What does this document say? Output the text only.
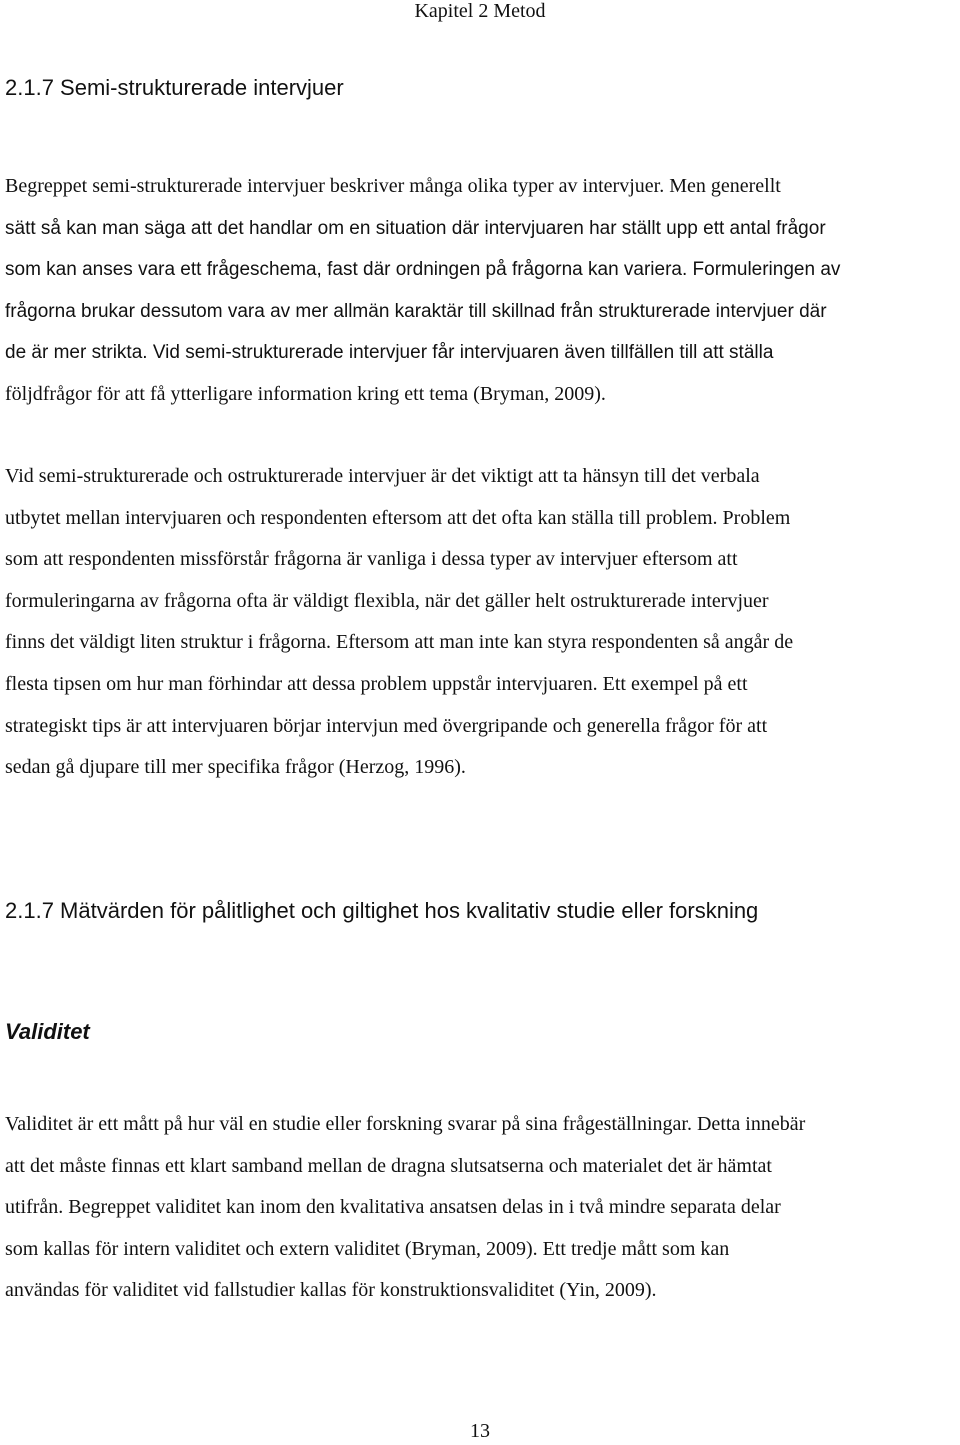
Kapitel 2 Metod
2.1.7 Semi-strukturerade intervjuer
Begreppet semi-strukturerade intervjuer beskriver många olika typer av intervjuer. Men generellt
sätt så kan man säga att det handlar om en situation där intervjuaren har ställt upp ett antal frågor
som kan anses vara ett frågeschema, fast där ordningen på frågorna kan variera. Formuleringen av
frågorna brukar dessutom vara av mer allmän karaktär till skillnad från strukturerade intervjuer där
de är mer strikta. Vid semi-strukturerade intervjuer får intervjuaren även tillfällen till att ställa
följdfrågor för att få ytterligare information kring ett tema (Bryman, 2009).
Vid semi-strukturerade och ostrukturerade intervjuer är det viktigt att ta hänsyn till det verbala
utbytet mellan intervjuaren och respondenten eftersom att det ofta kan ställa till problem. Problem
som att respondenten missförstår frågorna är vanliga i dessa typer av intervjuer eftersom att
formuleringarna av frågorna ofta är väldigt flexibla, när det gäller helt ostrukturerade intervjuer
finns det väldigt liten struktur i frågorna. Eftersom att man inte kan styra respondenten så angår de
flesta tipsen om hur man förhindar att dessa problem uppstår intervjuaren. Ett exempel på ett
strategiskt tips är att intervjuaren börjar intervjun med övergripande och generella frågor för att
sedan gå djupare till mer specifika frågor (Herzog, 1996).
2.1.7 Mätvärden för pålitlighet och giltighet hos kvalitativ studie eller forskning
Validitet
Validitet är ett mått på hur väl en studie eller forskning svarar på sina frågeställningar. Detta innebär
att det måste finnas ett klart samband mellan de dragna slutsatserna och materialet det är hämtat
utifrån. Begreppet validitet kan inom den kvalitativa ansatsen delas in i två mindre separata delar
som kallas för intern validitet och extern validitet (Bryman, 2009). Ett tredje mått som kan
användas för validitet vid fallstudier kallas för konstruktionsvaliditet (Yin, 2009).
13
